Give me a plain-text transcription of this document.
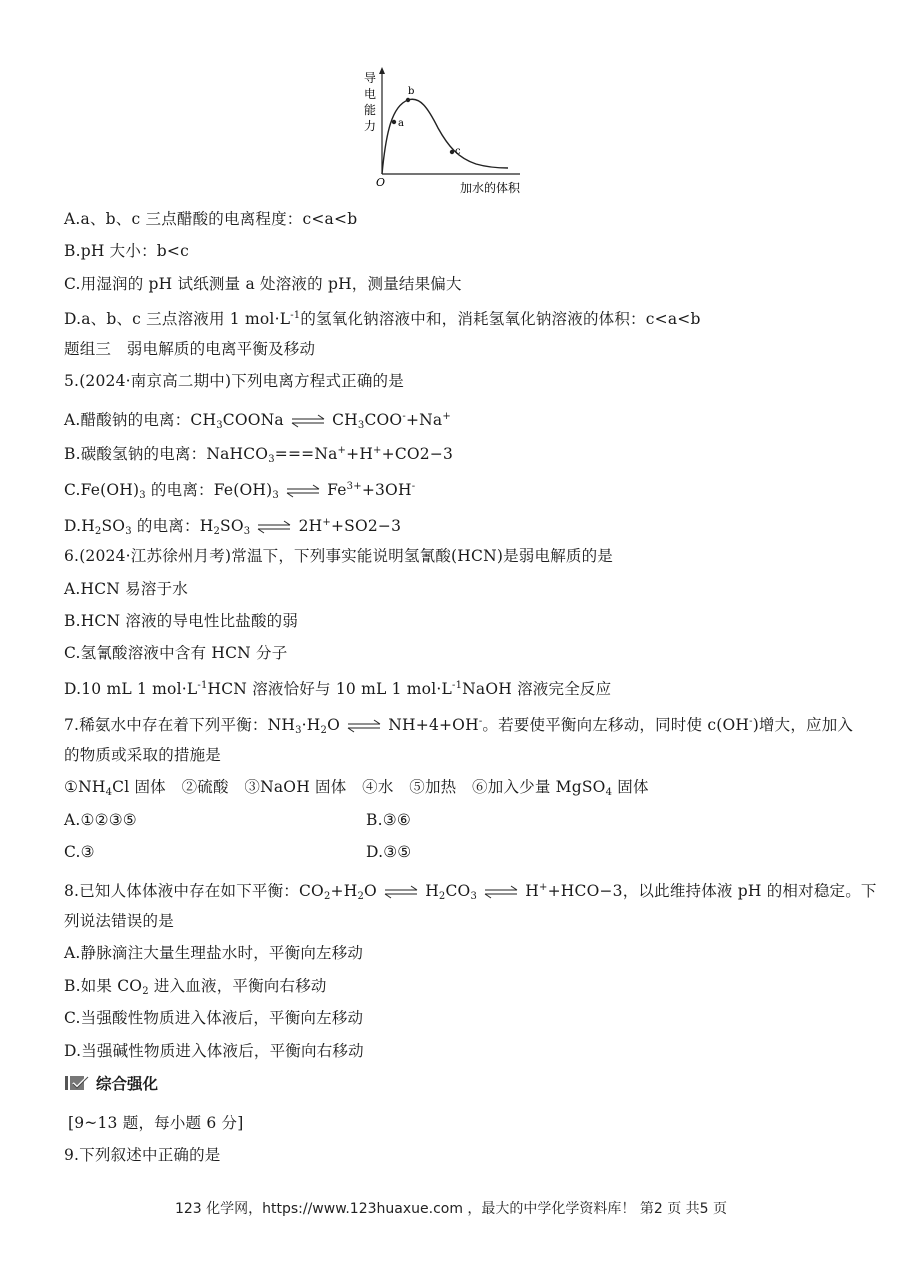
a
b
c
导
电
能
力
O	加水的体积
A.a、b、c 三点醋酸的电离程度：c<a<b
B.pH 大小：b<c
C.用湿润的 pH 试纸测量 a 处溶液的 pH，测量结果偏大
D.a、b、c 三点溶液用 1 $mol\cdot L^{-1}$的氢氧化钠溶液中和，消耗氢氧化钠溶液的体积：c<a<b
题组三　弱电解质的电离平衡及移动
5.(2024·南京高二期中)下列电离方程式正确的是
A.醋酸钠的电离：$CH_3COONa$ ⇌ $CH_3COO^-+Na^+$
B.碳酸氢钠的电离：NaHCO$_3$===Na++H++CO2−3
$C.Fe(OH)_3$ 的电离：$Fe(OH)_3$ ⇌ $Fe^{3+}+3OH^-$
$D.H_2SO_3$ 的电离：$H_2SO_3$ ⇌ 2H++SO2−3
6.(2024·江苏徐州月考)常温下，下列事实能说明氢氰酸(HCN)是弱电解质的是
A.HCN 易溶于水
B.HCN 溶液的导电性比盐酸的弱
C.氢氰酸溶液中含有 HCN 分子
D.10 mL 1 $mol\cdot L^{-1}HCN$ 溶液恰好与 10 mL 1 $mol\cdot L^{-1}NaOH$ 溶液完全反应
7.稀氨水中存在着下列平衡：$NH_3\cdot H_2O$ ⇌ NH+4+OH-。若要使平衡向左移动，同时使 c(OH-)增大，应加入
的物质或采取的措施是
$①NH_4Cl$ 固体　②硫酸　③NaOH 固体　④水　⑤加热　⑥加入少量 MgSO$_4$ 固体
A.①②③⑤	B.③⑥
C.③	D.③⑤
8.已知人体体液中存在如下平衡：$CO_2+H_2O$ ⇌ $H_2CO_3$ ⇌ H++HCO−3，以此维持体液 pH 的相对稳定。下
列说法错误的是
A.静脉滴注大量生理盐水时，平衡向左移动
B.如果 $CO_2$ 进入血液，平衡向右移动
C.当强酸性物质进入体液后，平衡向左移动
D.当强碱性物质进入体液后，平衡向右移动
综合强化
[9~13 题，每小题 6 分]
9.下列叙述中正确的是
123 化学网，https://www.123huaxue.com ，最大的中学化学资料库！ 第2 页 共5 页
